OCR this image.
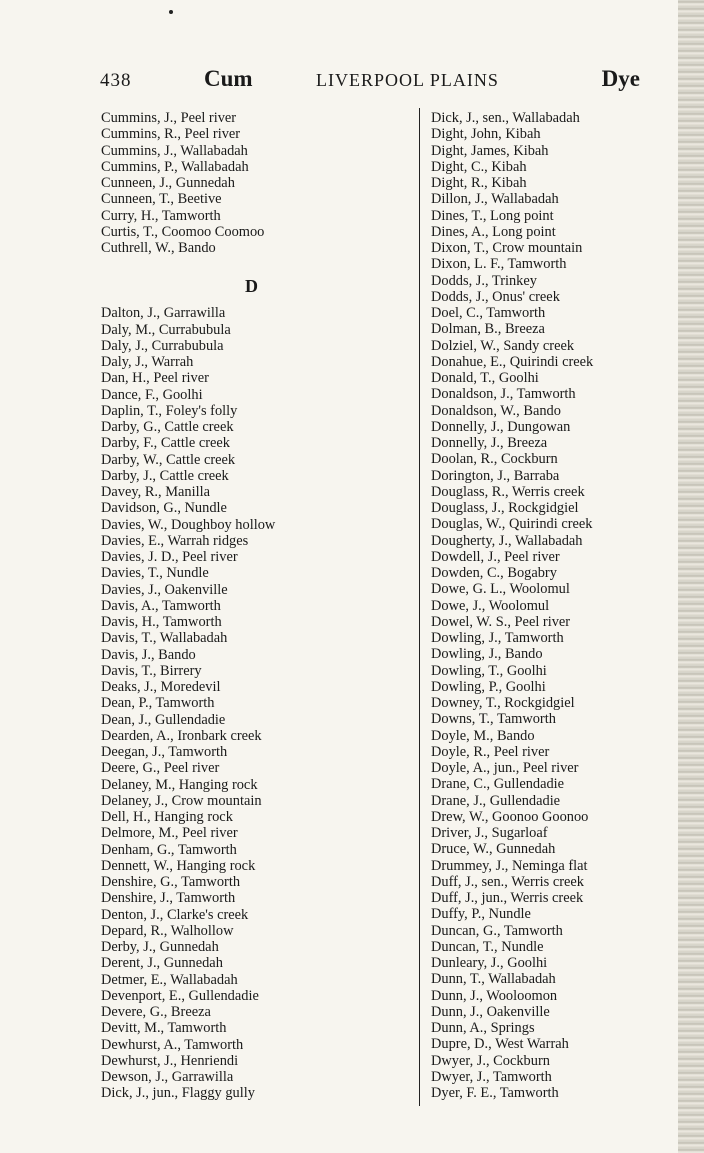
438	Cum	LIVERPOOL PLAINS	Dye
Cummins, J., Peel river
Cummins, R., Peel river
Cummins, J., Wallabadah
Cummins, P., Wallabadah
Cunneen, J., Gunnedah
Cunneen, T., Beetive
Curry, H., Tamworth
Curtis, T., Coomoo Coomoo
Cuthrell, W., Bando
Dalton, J., Garrawilla
Daly, M., Currabubula
Daly, J., Currabubula
Daly, J., Warrah
Dan, H., Peel river
Dance, F., Goolhi
Daplin, T., Foley's folly
Darby, G., Cattle creek
Darby, F., Cattle creek
Darby, W., Cattle creek
Darby, J., Cattle creek
Davey, R., Manilla
Davidson, G., Nundle
Davies, W., Doughboy hollow
Davies, E., Warrah ridges
Davies, J. D., Peel river
Davies, T., Nundle
Davies, J., Oakenville
Davis, A., Tamworth
Davis, H., Tamworth
Davis, T., Wallabadah
Davis, J., Bando
Davis, T., Birrery
Deaks, J., Moredevil
Dean, P., Tamworth
Dean, J., Gullendadie
Dearden, A., Ironbark creek
Deegan, J., Tamworth
Deere, G., Peel river
Delaney, M., Hanging rock
Delaney, J., Crow mountain
Dell, H., Hanging rock
Delmore, M., Peel river
Denham, G., Tamworth
Dennett, W., Hanging rock
Denshire, G., Tamworth
Denshire, J., Tamworth
Denton, J., Clarke's creek
Depard, R., Walhollow
Derby, J., Gunnedah
Derent, J., Gunnedah
Detmer, E., Wallabadah
Devenport, E., Gullendadie
Devere, G., Breeza
Devitt, M., Tamworth
Dewhurst, A., Tamworth
Dewhurst, J., Henriendi
Dewson, J., Garrawilla
Dick, J., jun., Flaggy gully
D
Dick, J., sen., Wallabadah
Dight, John, Kibah
Dight, James, Kibah
Dight, C., Kibah
Dight, R., Kibah
Dillon, J., Wallabadah
Dines, T., Long point
Dines, A., Long point
Dixon, T., Crow mountain
Dixon, L. F., Tamworth
Dodds, J., Trinkey
Dodds, J., Onus' creek
Doel, C., Tamworth
Dolman, B., Breeza
Dolziel, W., Sandy creek
Donahue, E., Quirindi creek
Donald, T., Goolhi
Donaldson, J., Tamworth
Donaldson, W., Bando
Donnelly, J., Dungowan
Donnelly, J., Breeza
Doolan, R., Cockburn
Dorington, J., Barraba
Douglass, R., Werris creek
Douglass, J., Rockgidgiel
Douglas, W., Quirindi creek
Dougherty, J., Wallabadah
Dowdell, J., Peel river
Dowden, C., Bogabry
Dowe, G. L., Woolomul
Dowe, J., Woolomul
Dowel, W. S., Peel river
Dowling, J., Tamworth
Dowling, J., Bando
Dowling, T., Goolhi
Dowling, P., Goolhi
Downey, T., Rockgidgiel
Downs, T., Tamworth
Doyle, M., Bando
Doyle, R., Peel river
Doyle, A., jun., Peel river
Drane, C., Gullendadie
Drane, J., Gullendadie
Drew, W., Goonoo Goonoo
Driver, J., Sugarloaf
Druce, W., Gunnedah
Drummey, J., Neminga flat
Duff, J., sen., Werris creek
Duff, J., jun., Werris creek
Duffy, P., Nundle
Duncan, G., Tamworth
Duncan, T., Nundle
Dunleary, J., Goolhi
Dunn, T., Wallabadah
Dunn, J., Wooloomon
Dunn, J., Oakenville
Dunn, A., Springs
Dupre, D., West Warrah
Dwyer, J., Cockburn
Dwyer, J., Tamworth
Dyer, F. E., Tamworth
